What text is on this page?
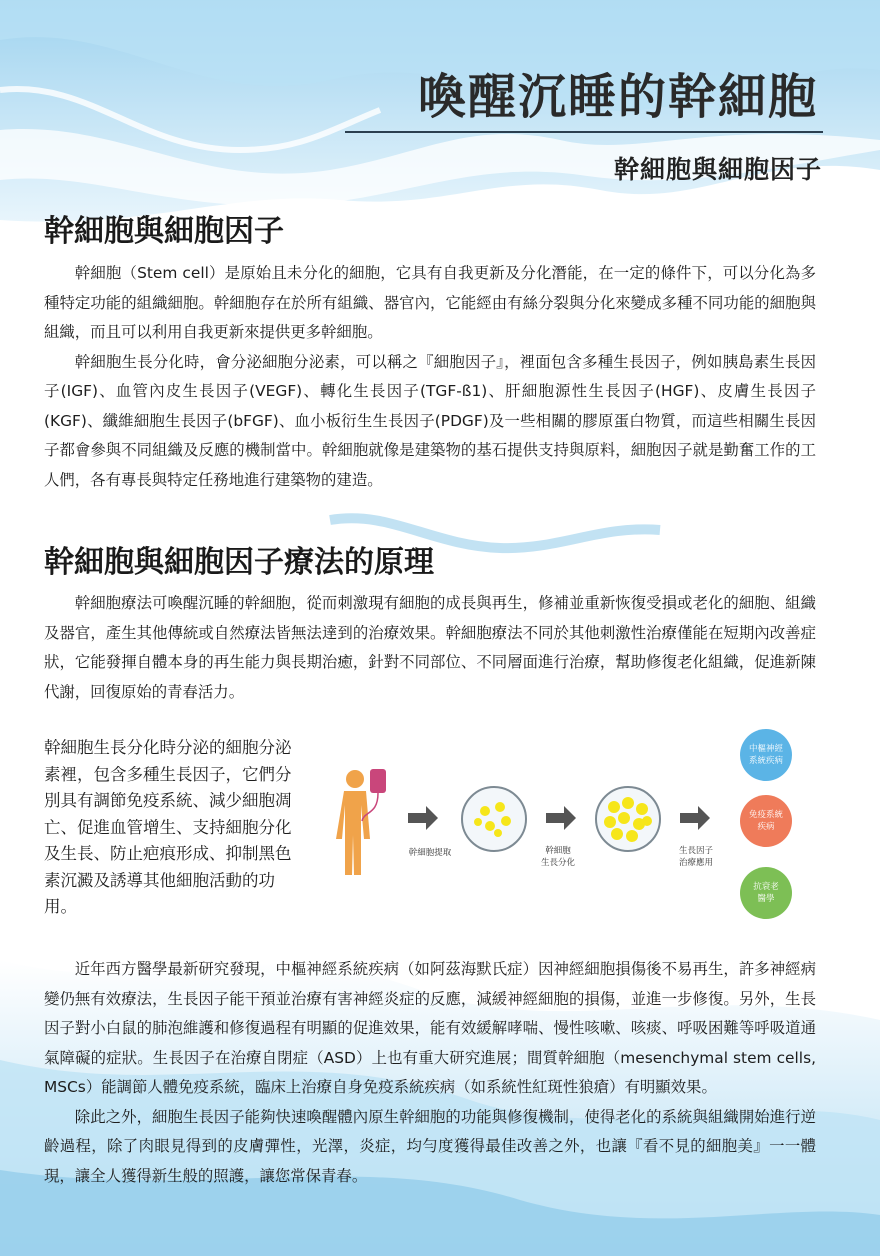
喚醒沉睡的幹細胞
幹細胞與細胞因子
幹細胞與細胞因子

幹細胞（Stem cell）是原始且未分化的細胞，它具有自我更新及分化潛能，在一定的條件下，可以分化為多種特定功能的組織細胞。幹細胞存在於所有組織、器官內，它能經由有絲分裂與分化來變成多種不同功能的細胞與組織，而且可以利用自我更新來提供更多幹細胞。

幹細胞生長分化時，會分泌細胞分泌素，可以稱之『細胞因子』，裡面包含多種生長因子，例如胰島素生長因子(IGF)、血管內皮生長因子(VEGF)、轉化生長因子(TGF-ß1)、肝細胞源性生長因子(HGF)、皮膚生長因子(KGF)、纖維細胞生長因子(bFGF)、血小板衍生生長因子(PDGF)及一些相關的膠原蛋白物質，而這些相關生長因子都會參與不同組織及反應的機制當中。幹細胞就像是建築物的基石提供支持與原料，細胞因子就是勤奮工作的工人們，各有專長與特定任務地進行建築物的建造。

幹細胞與細胞因子療法的原理

幹細胞療法可喚醒沉睡的幹細胞，從而刺激現有細胞的成長與再生，修補並重新恢復受損或老化的細胞、組織及器官，產生其他傳統或自然療法皆無法達到的治療效果。幹細胞療法不同於其他刺激性治療僅能在短期內改善症狀，它能發揮自體本身的再生能力與長期治癒，針對不同部位、不同層面進行治療，幫助修復老化組織，促進新陳代謝，回復原始的青春活力。

幹細胞生長分化時分泌的細胞分泌素裡，包含多種生長因子，它們分別具有調節免疫系統、減少細胞凋亡、促進血管增生、支持細胞分化及生長、防止疤痕形成、抑制黑色素沉澱及誘導其他細胞活動的功用。

幹細胞提取	幹細胞
生長分化
生長因子
治療應用
中樞神經
系統疾病
免疫系統
疾病
抗衰老
醫學

近年西方醫學最新研究發現，中樞神經系統疾病（如阿茲海默氏症）因神經細胞損傷後不易再生，許多神經病變仍無有效療法，生長因子能干預並治療有害神經炎症的反應，減緩神經細胞的損傷，並進一步修復。另外，生長因子對小白鼠的肺泡維護和修復過程有明顯的促進效果，能有效緩解哮喘、慢性咳嗽、咳痰、呼吸困難等呼吸道通氣障礙的症狀。生長因子在治療自閉症（ASD）上也有重大研究進展；間質幹細胞（mesenchymal stem cells, MSCs）能調節人體免疫系統，臨床上治療自身免疫系統疾病（如系統性紅斑性狼瘡）有明顯效果。

除此之外，細胞生長因子能夠快速喚醒體內原生幹細胞的功能與修復機制，使得老化的系統與組織開始進行逆齡過程，除了肉眼見得到的皮膚彈性，光澤，炎症，均勻度獲得最佳改善之外，也讓『看不見的細胞美』一一體現，讓全人獲得新生般的照護，讓您常保青春。
